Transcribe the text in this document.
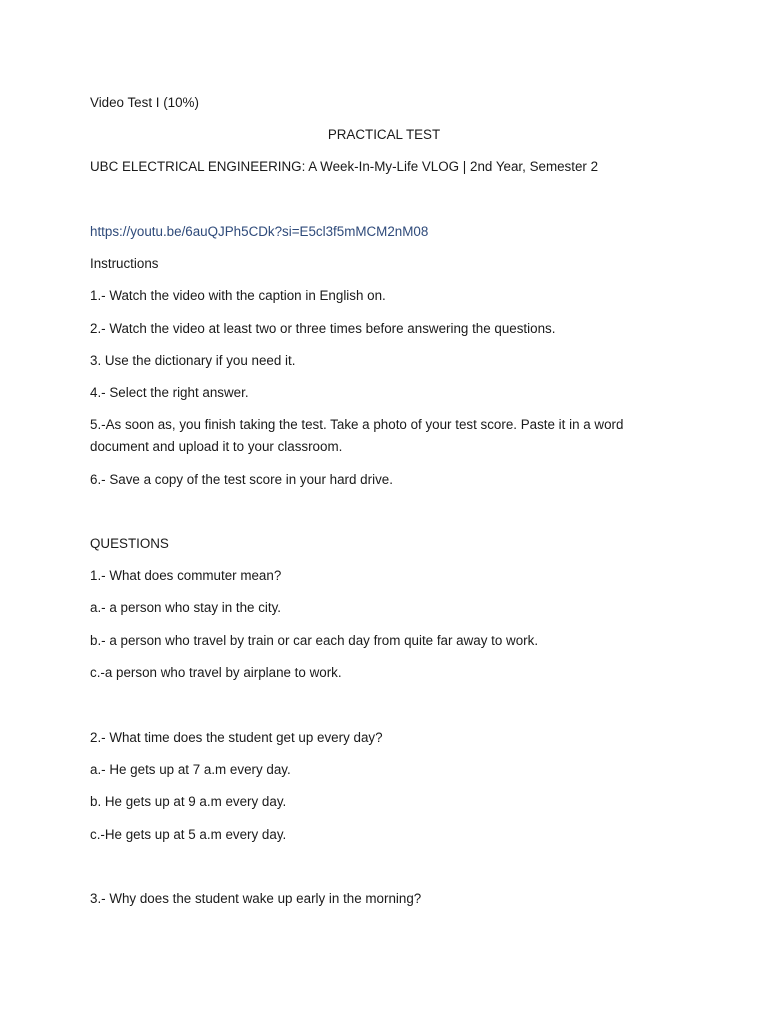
Video Test I (10%)
PRACTICAL TEST
UBC ELECTRICAL ENGINEERING: A Week-In-My-Life VLOG | 2nd Year, Semester 2
https://youtu.be/6auQJPh5CDk?si=E5cl3f5mMCM2nM08
Instructions
1.- Watch the video with the caption in English on.
2.- Watch the video at least two or three times before answering the questions.
3. Use the dictionary if you need it.
4.- Select the right answer.
5.-As soon as, you finish taking the test. Take a photo of your test score. Paste it in a word document and upload it to your classroom.
6.- Save a copy of the test score in your hard drive.
QUESTIONS
1.- What does commuter mean?
a.- a person who stay in the city.
b.- a person who travel by train or car each day from quite far away to work.
c.-a person who travel by airplane to work.
2.- What time does the student get up every day?
a.- He gets up at 7 a.m every day.
b. He gets up at 9 a.m every day.
c.-He gets up at 5 a.m every day.
3.- Why does the student wake up early in the morning?
